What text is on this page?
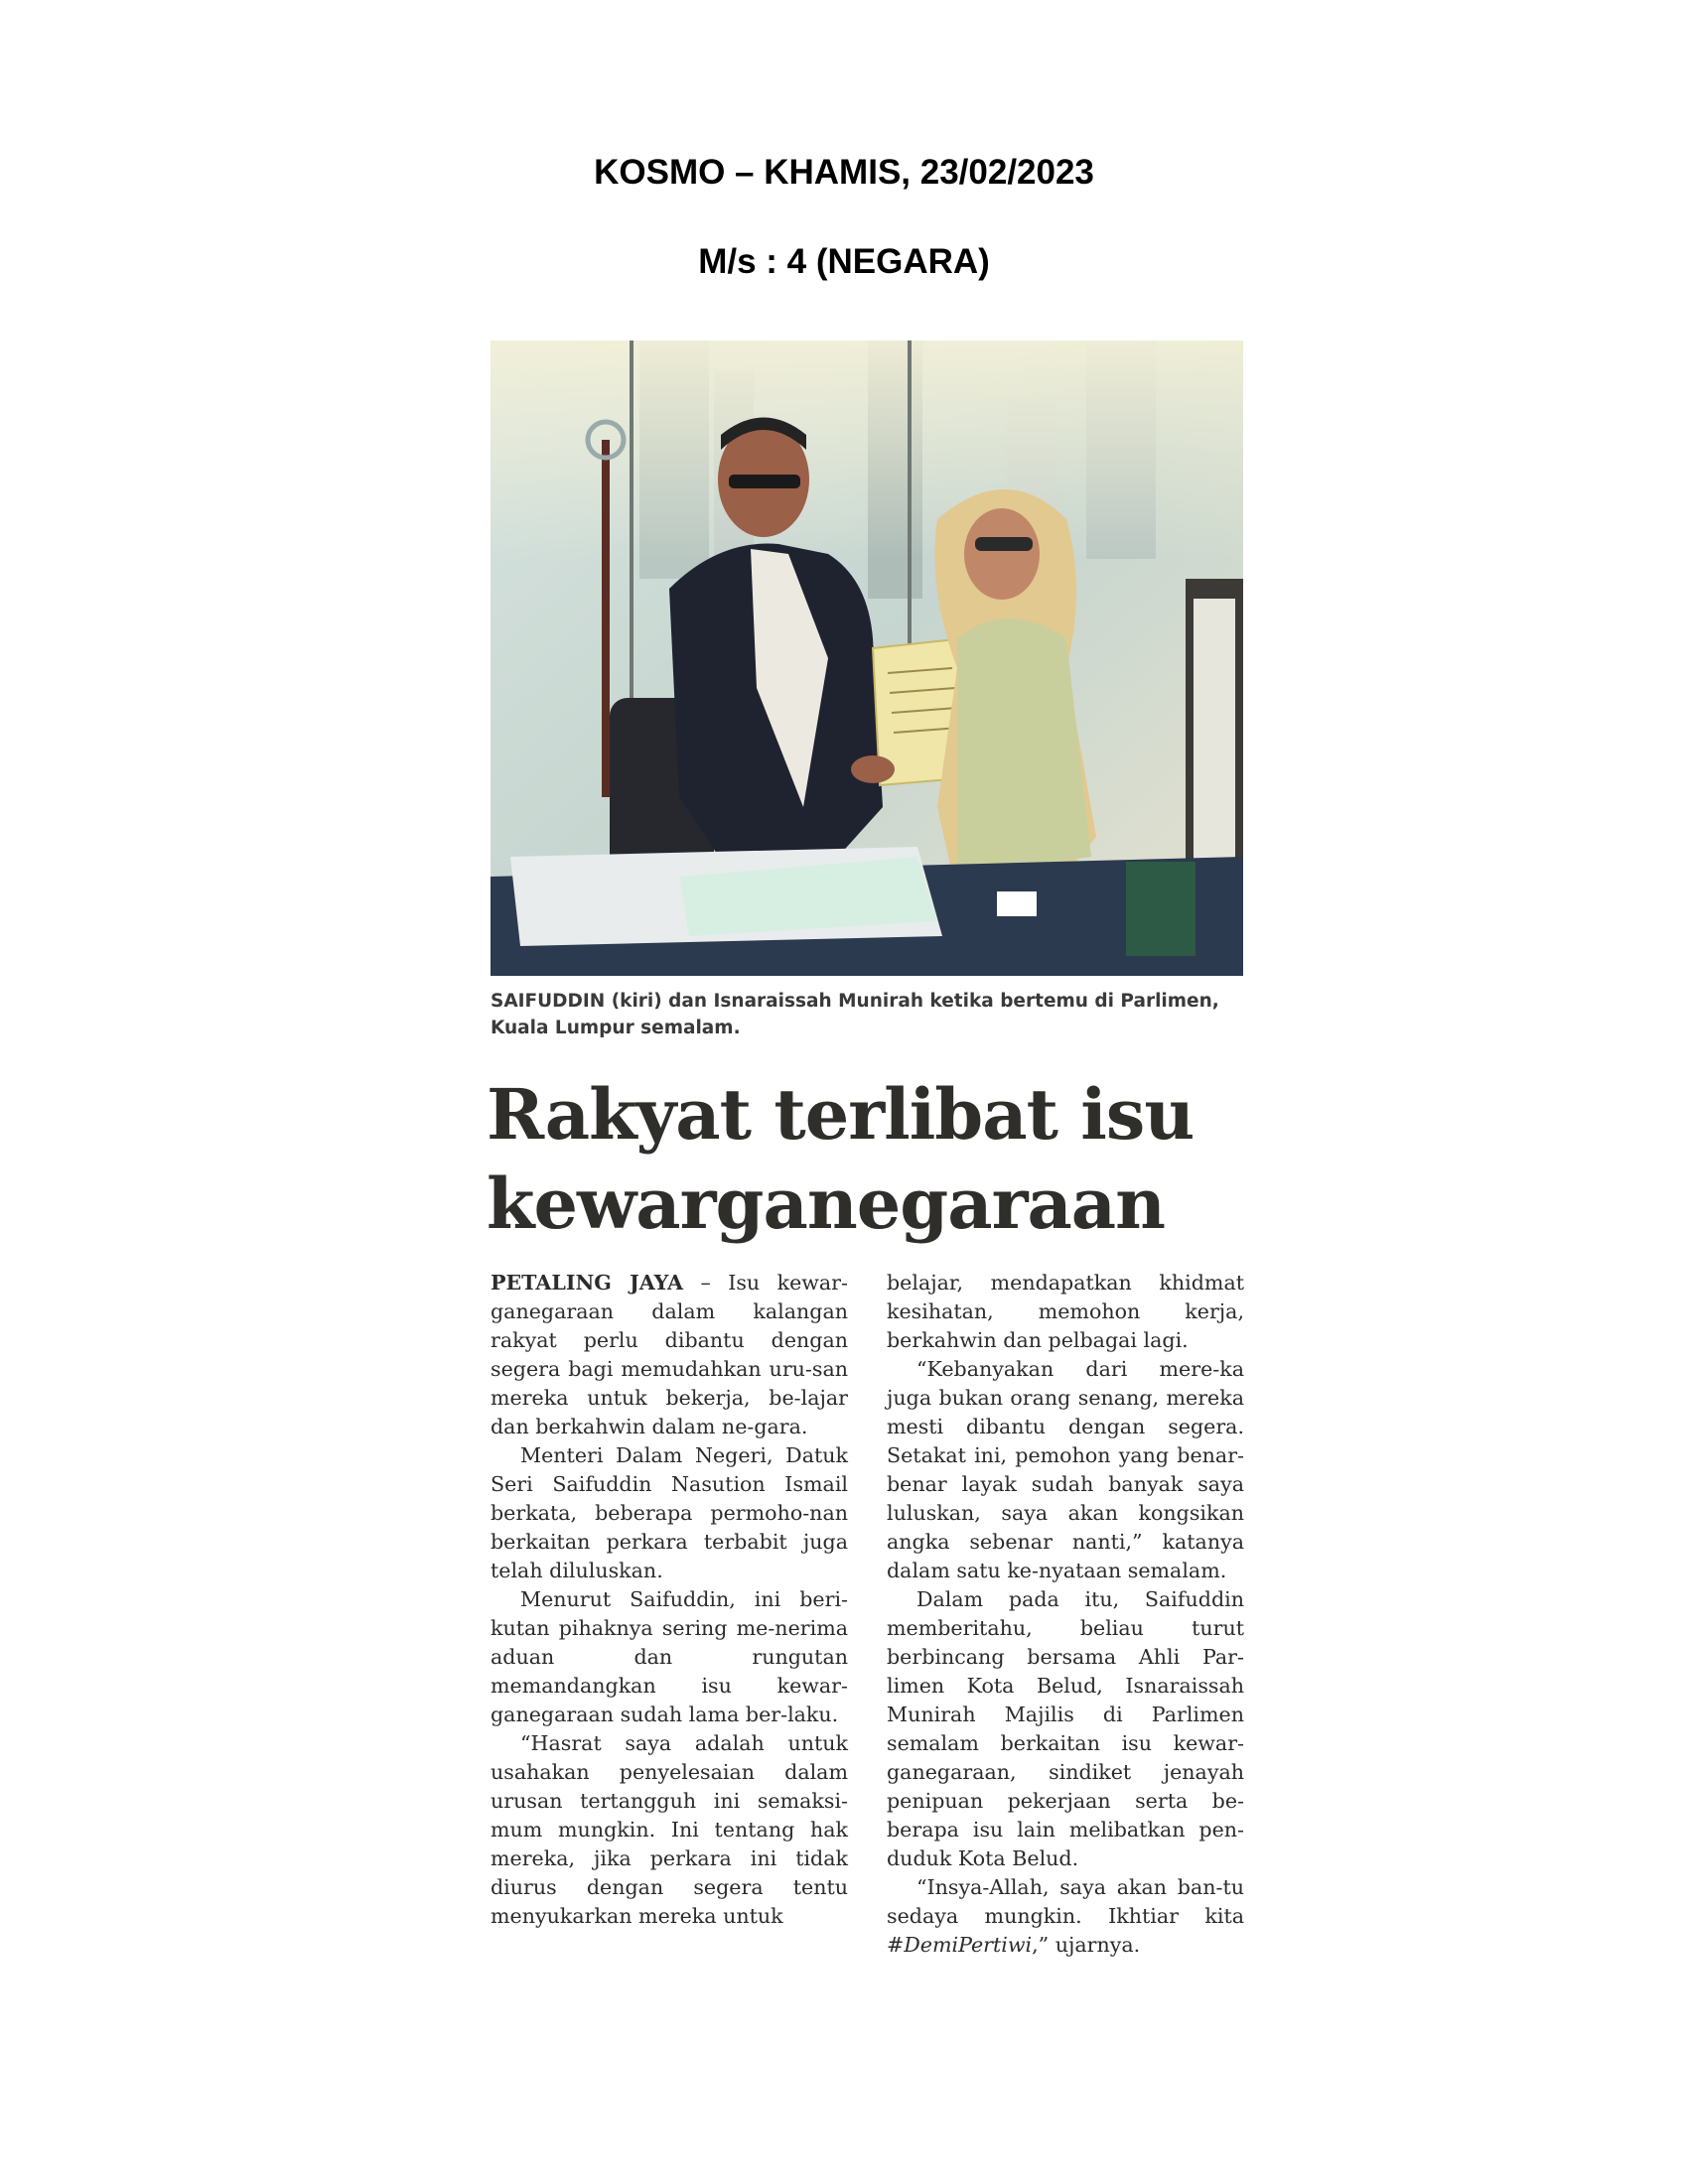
KOSMO – KHAMIS, 23/02/2023
M/s : 4 (NEGARA)
SAIFUDDIN (kiri) dan Isnaraissah Munirah ketika bertemu di Parlimen, Kuala Lumpur semalam.
Rakyat terlibat isu
kewarganegaraan

PETALING JAYA – Isu kewar-ganegaraan dalam kalangan rakyat perlu dibantu dengan segera bagi memudahkan uru-san mereka untuk bekerja, be-lajar dan berkahwin dalam ne-gara.

Menteri Dalam Negeri, Datuk Seri Saifuddin Nasution Ismail berkata, beberapa permoho-nan berkaitan perkara terbabit juga telah diluluskan.

Menurut Saifuddin, ini beri-kutan pihaknya sering me-nerima aduan dan rungutan memandangkan isu kewar-ganegaraan sudah lama ber-laku.

“Hasrat saya adalah untuk usahakan penyelesaian dalam urusan tertangguh ini semaksi-mum mungkin. Ini tentang hak mereka, jika perkara ini tidak diurus dengan segera tentu menyukarkan mereka untuk

belajar, mendapatkan khidmat kesihatan, memohon kerja, berkahwin dan pelbagai lagi.

“Kebanyakan dari mere-ka juga bukan orang senang, mereka mesti dibantu dengan segera. Setakat ini, pemohon yang benar-benar layak sudah banyak saya luluskan, saya akan kongsikan angka sebenar nanti,” katanya dalam satu ke-nyataan semalam.

Dalam pada itu, Saifuddin memberitahu, beliau turut berbincang bersama Ahli Par-limen Kota Belud, Isnaraissah Munirah Majilis di Parlimen semalam berkaitan isu kewar-ganegaraan, sindiket jenayah penipuan pekerjaan serta be-berapa isu lain melibatkan pen-duduk Kota Belud.

“Insya-Allah, saya akan ban-tu sedaya mungkin. Ikhtiar kita #DemiPertiwi,” ujarnya.
